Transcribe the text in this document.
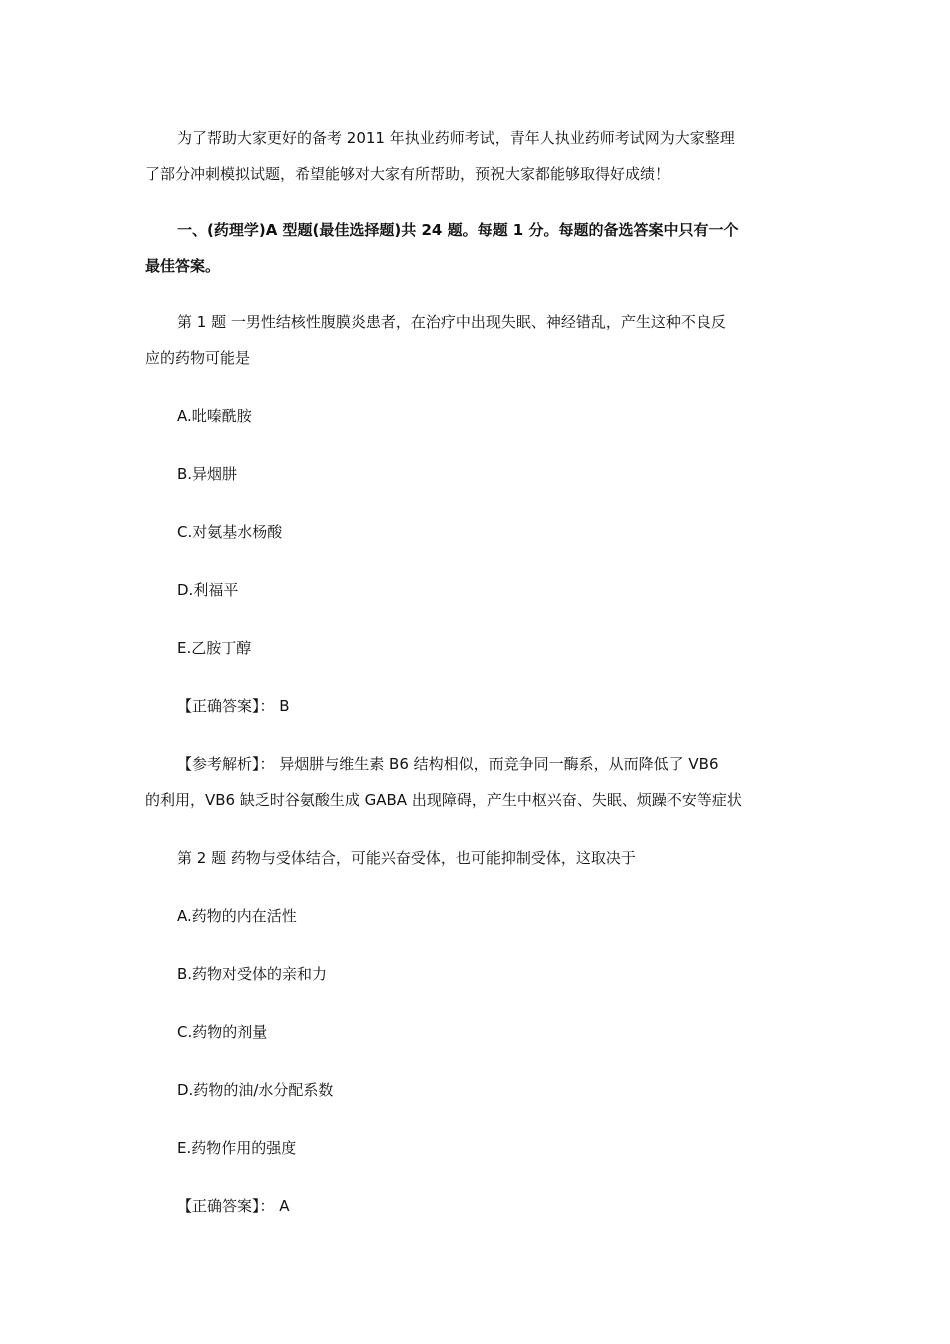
为了帮助大家更好的备考 2011 年执业药师考试，青年人执业药师考试网为大家整理

了部分冲刺模拟试题，希望能够对大家有所帮助，预祝大家都能够取得好成绩！

一、(药理学)A 型题(最佳选择题)共 24 题。每题 1 分。每题的备选答案中只有一个

最佳答案。

第 1 题 一男性结核性腹膜炎患者，在治疗中出现失眠、神经错乱，产生这种不良反

应的药物可能是

A.吡嗪酰胺

B.异烟肼

C.对氨基水杨酸

D.利福平

E.乙胺丁醇

【正确答案】： B

【参考解析】： 异烟肼与维生素 B6 结构相似，而竞争同一酶系，从而降低了 VB6

的利用，VB6 缺乏时谷氨酸生成 GABA 出现障碍，产生中枢兴奋、失眠、烦躁不安等症状

第 2 题 药物与受体结合，可能兴奋受体，也可能抑制受体，这取决于

A.药物的内在活性

B.药物对受体的亲和力

C.药物的剂量

D.药物的油/水分配系数

E.药物作用的强度

【正确答案】： A
